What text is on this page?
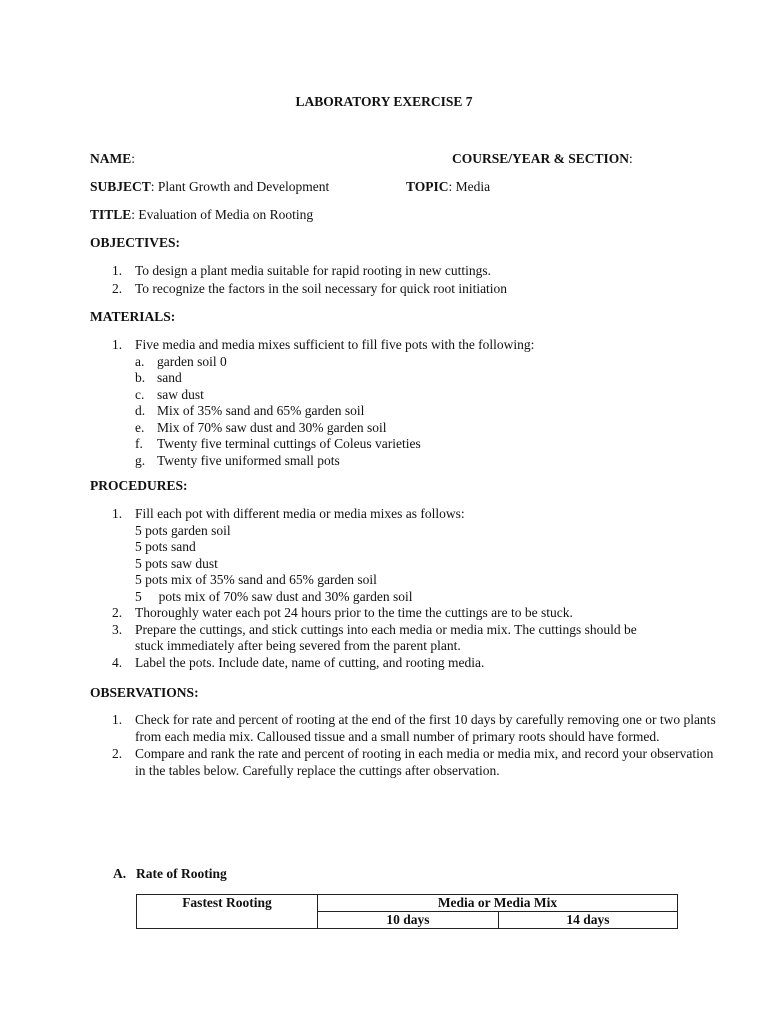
LABORATORY EXERCISE 7
NAME:	COURSE/YEAR & SECTION:
SUBJECT: Plant Growth and Development	TOPIC: Media
TITLE: Evaluation of Media on Rooting
OBJECTIVES:
1. To design a plant media suitable for rapid rooting in new cuttings.
2. To recognize the factors in the soil necessary for quick root initiation
MATERIALS:
1. Five media and media mixes sufficient to fill five pots with the following:
a. garden soil 0
b. sand
c. saw dust
d. Mix of 35% sand and 65% garden soil
e. Mix of 70% saw dust and 30% garden soil
f. Twenty five terminal cuttings of Coleus varieties
g. Twenty five uniformed small pots
PROCEDURES:
1. Fill each pot with different media or media mixes as follows:
5 pots garden soil
5 pots sand
5 pots saw dust
5 pots mix of 35% sand and 65% garden soil
5     pots mix of 70% saw dust and 30% garden soil
2. Thoroughly water each pot 24 hours prior to the time the cuttings are to be stuck.
3. Prepare the cuttings, and stick cuttings into each media or media mix. The cuttings should be stuck immediately after being severed from the parent plant.
4. Label the pots. Include date, name of cutting, and rooting media.
OBSERVATIONS:
1. Check for rate and percent of rooting at the end of the first 10 days by carefully removing one or two plants from each media mix. Calloused tissue and a small number of primary roots should have formed.
2. Compare and rank the rate and percent of rooting in each media or media mix, and record your observation in the tables below. Carefully replace the cuttings after observation.
A. Rate of Rooting
Fastest Rooting	Media or Media Mix	
	10 days	14 days
